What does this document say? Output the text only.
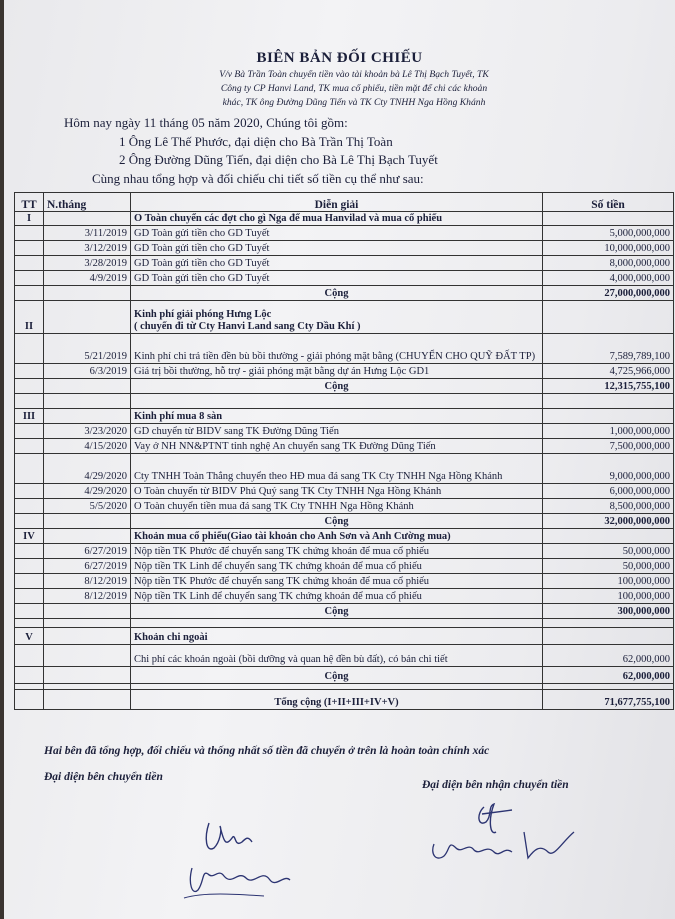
BIÊN BẢN ĐỐI CHIẾU
V/v Bà Trần Toàn chuyển tiền vào tài khoản bà Lê Thị Bạch Tuyết, TK
Công ty CP Hanvi Land, TK mua cổ phiếu, tiền mặt để chi các khoản
khác, TK ông Đường Dũng Tiến và TK Cty TNHH Nga Hồng Khánh
Hôm nay ngày 11 tháng 05 năm 2020, Chúng tôi gồm:
1 Ông Lê Thế Phước, đại diện cho Bà Trần Thị Toàn
2 Ông Đường Dũng Tiến, đại diện cho Bà Lê Thị Bạch Tuyết
Cùng nhau tổng hợp và đối chiếu chi tiết số tiền cụ thể như sau:
TT	N.tháng	Diễn giải	Số tiền
I		O Toàn chuyển các đợt cho gì Nga để mua Hanvilad và mua cổ phiếu	
	3/11/2019	GD Toàn gửi tiền cho GD Tuyết	5,000,000,000
	3/12/2019	GD Toàn gửi tiền cho GD Tuyết	10,000,000,000
	3/28/2019	GD Toàn gửi tiền cho GD Tuyết	8,000,000,000
	4/9/2019	GD Toàn gửi tiền cho GD Tuyết	4,000,000,000
		Cộng	27,000,000,000
II		Kinh phí giải phóng Hưng Lộc
( chuyển đi từ Cty Hanvi Land sang Cty Dầu Khí )	
	5/21/2019	Kinh phí chi trả tiền đền bù bồi thường - giải phóng mặt bằng (CHUYỂN CHO QUỸ ĐẤT TP)	7,589,789,100
	6/3/2019	Giá trị bồi thường, hỗ trợ - giải phóng mặt bằng dự án Hưng Lộc GD1	4,725,966,000
		Cộng	12,315,755,100

III		Kinh phí mua 8 sàn	
	3/23/2020	GD chuyển từ BIDV sang TK Đường Dũng Tiến	1,000,000,000
	4/15/2020	Vay ở NH NN&PTNT tỉnh nghệ An chuyển sang TK Đường Dũng Tiến	7,500,000,000
	4/29/2020	Cty TNHH Toàn Thắng chuyển theo HĐ mua đá sang TK Cty TNHH Nga Hồng Khánh	9,000,000,000
	4/29/2020	O Toàn chuyển từ BIDV Phú Quý sang TK Cty TNHH Nga Hồng Khánh	6,000,000,000
	5/5/2020	O Toàn chuyển tiền mua đá sang TK Cty TNHH Nga Hồng Khánh	8,500,000,000
		Cộng	32,000,000,000
IV		Khoản mua cổ phiếu(Giao tài khoản cho Anh Sơn và Anh Cường mua)	
	6/27/2019	Nộp tiền TK Phước để chuyển sang TK chứng khoán để mua cổ phiếu	50,000,000
	6/27/2019	Nộp tiền TK Linh để chuyển sang TK chứng khoán để mua cổ phiếu	50,000,000
	8/12/2019	Nộp tiền TK Phước để chuyển sang TK chứng khoán để mua cổ phiếu	100,000,000
	8/12/2019	Nộp tiền TK Linh để chuyển sang TK chứng khoán để mua cổ phiếu	100,000,000
		Cộng	300,000,000

V		Khoản chi ngoài	
		Chi phí các khoản ngoài (bồi dưỡng và quan hệ đền bù đất), có bản chi tiết	62,000,000
		Cộng	62,000,000

		Tổng cộng (I+II+III+IV+V)	71,677,755,100
Hai bên đã tổng hợp, đối chiếu và thống nhất số tiền đã chuyển ở trên là hoàn toàn chính xác
Đại diện bên chuyển tiền
Đại diện bên nhận chuyển tiền
